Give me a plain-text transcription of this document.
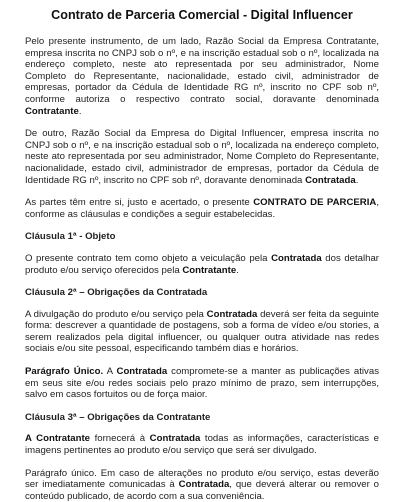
Contrato de Parceria Comercial - Digital Influencer

Pelo presente instrumento, de um lado, Razão Social da Empresa Contratante, empresa inscrita no CNPJ sob o nº, e na inscrição estadual sob o nº, localizada na endereço completo, neste ato representada por seu administrador, Nome Completo do Representante, nacionalidade, estado civil, administrador de empresas, portador da Cédula de Identidade RG nº, inscrito no CPF sob nº, conforme autoriza o respectivo contrato social, doravante denominada Contratante.

De outro, Razão Social da Empresa do Digital Influencer, empresa inscrita no CNPJ sob o nº, e na inscrição estadual sob o nº, localizada na endereço completo, neste ato representada por seu administrador, Nome Completo do Representante, nacionalidade, estado civil, administrador de empresas, portador da Cédula de Identidade RG nº, inscrito no CPF sob nº, doravante denominada Contratada.

As partes têm entre si, justo e acertado, o presente CONTRATO DE PARCERIA, conforme as cláusulas e condições a seguir estabelecidas.

Cláusula 1ª - Objeto

O presente contrato tem como objeto a veiculação pela Contratada dos detalhar produto e/ou serviço oferecidos pela Contratante.

Cláusula 2ª – Obrigações da Contratada

A divulgação do produto e/ou serviço pela Contratada deverá ser feita da seguinte forma: descrever a quantidade de postagens, sob a forma de vídeo e/ou stories, a serem realizados pela digital influencer, ou qualquer outra atividade nas redes sociais e/ou site pessoal, especificando também dias e horários.

Parágrafo Único. A Contratada compromete-se a manter as publicações ativas em seus site e/ou redes sociais pelo prazo mínimo de prazo, sem interrupções, salvo em casos fortuitos ou de força maior.

Cláusula 3ª – Obrigações da Contratante

A Contratante fornecerá à Contratada todas as informações, características e imagens pertinentes ao produto e/ou serviço que será ser divulgado.

Parágrafo único. Em caso de alterações no produto e/ou serviço, estas deverão ser imediatamente comunicadas à Contratada, que deverá alterar ou remover o conteúdo publicado, de acordo com a sua conveniência.
